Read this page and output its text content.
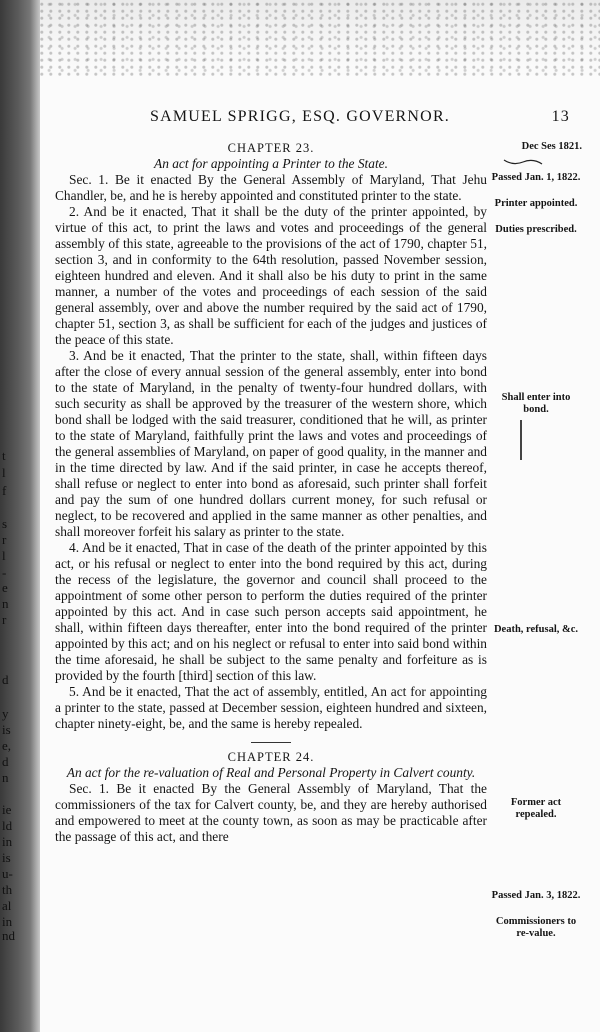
t
l
f
s
r
l
-
e
n
r
d
y
is
e,
d
n
ie
ld
in
is
u-
th
al
in
nd
SAMUEL SPRIGG, ESQ. GOVERNOR.	13

CHAPTER 23.

An act for appointing a Printer to the State.

Sec. 1. Be it enacted By the General Assembly of Maryland, That Jehu Chandler, be, and he is hereby appointed and constituted printer to the state.

2. And be it enacted, That it shall be the duty of the printer appointed, by virtue of this act, to print the laws and votes and proceedings of the general assembly of this state, agreeable to the provisions of the act of 1790, chapter 51, section 3, and in conformity to the 64th resolution, passed November session, eighteen hundred and eleven. And it shall also be his duty to print in the same manner, a number of the votes and proceedings of each session of the said general assembly, over and above the number required by the said act of 1790, chapter 51, section 3, as shall be sufficient for each of the judges and justices of the peace of this state.

3. And be it enacted, That the printer to the state, shall, within fifteen days after the close of every annual session of the general assembly, enter into bond to the state of Maryland, in the penalty of twenty-four hundred dollars, with such security as shall be approved by the treasurer of the western shore, which bond shall be lodged with the said treasurer, conditioned that he will, as printer to the state of Maryland, faithfully print the laws and votes and proceedings of the general assemblies of Maryland, on paper of good quality, in the manner and in the time directed by law. And if the said printer, in case he accepts thereof, shall refuse or neglect to enter into bond as aforesaid, such printer shall forfeit and pay the sum of one hundred dollars current money, for such refusal or neglect, to be recovered and applied in the same manner as other penalties, and shall moreover forfeit his salary as printer to the state.

4. And be it enacted, That in case of the death of the printer appointed by this act, or his refusal or neglect to enter into the bond required by this act, during the recess of the legislature, the governor and council shall proceed to the appointment of some other person to perform the duties required of the printer appointed by this act. And in case such person accepts said appointment, he shall, within fifteen days thereafter, enter into the bond required of the printer appointed by this act; and on his neglect or refusal to enter into said bond within the time aforesaid, he shall be subject to the same penalty and forfeiture as is provided by the fourth [third] section of this law.

5. And be it enacted, That the act of assembly, entitled, An act for appointing a printer to the state, passed at December session, eighteen hundred and sixteen, chapter ninety-eight, be, and the same is hereby repealed.

CHAPTER 24.

An act for the re-valuation of Real and Personal Property in Calvert county.

Sec. 1. Be it enacted By the General Assembly of Maryland, That the commissioners of the tax for Calvert county, be, and they are hereby authorised and empowered to meet at the county town, as soon as may be practicable after the passage of this act, and there

Dec Ses 1821.
Passed Jan. 1, 1822.
Printer appointed.
Duties prescribed.
Shall enter into bond.
Death, refusal, &c.
Former act repealed.
Passed Jan. 3, 1822.
Commissioners to re-value.
